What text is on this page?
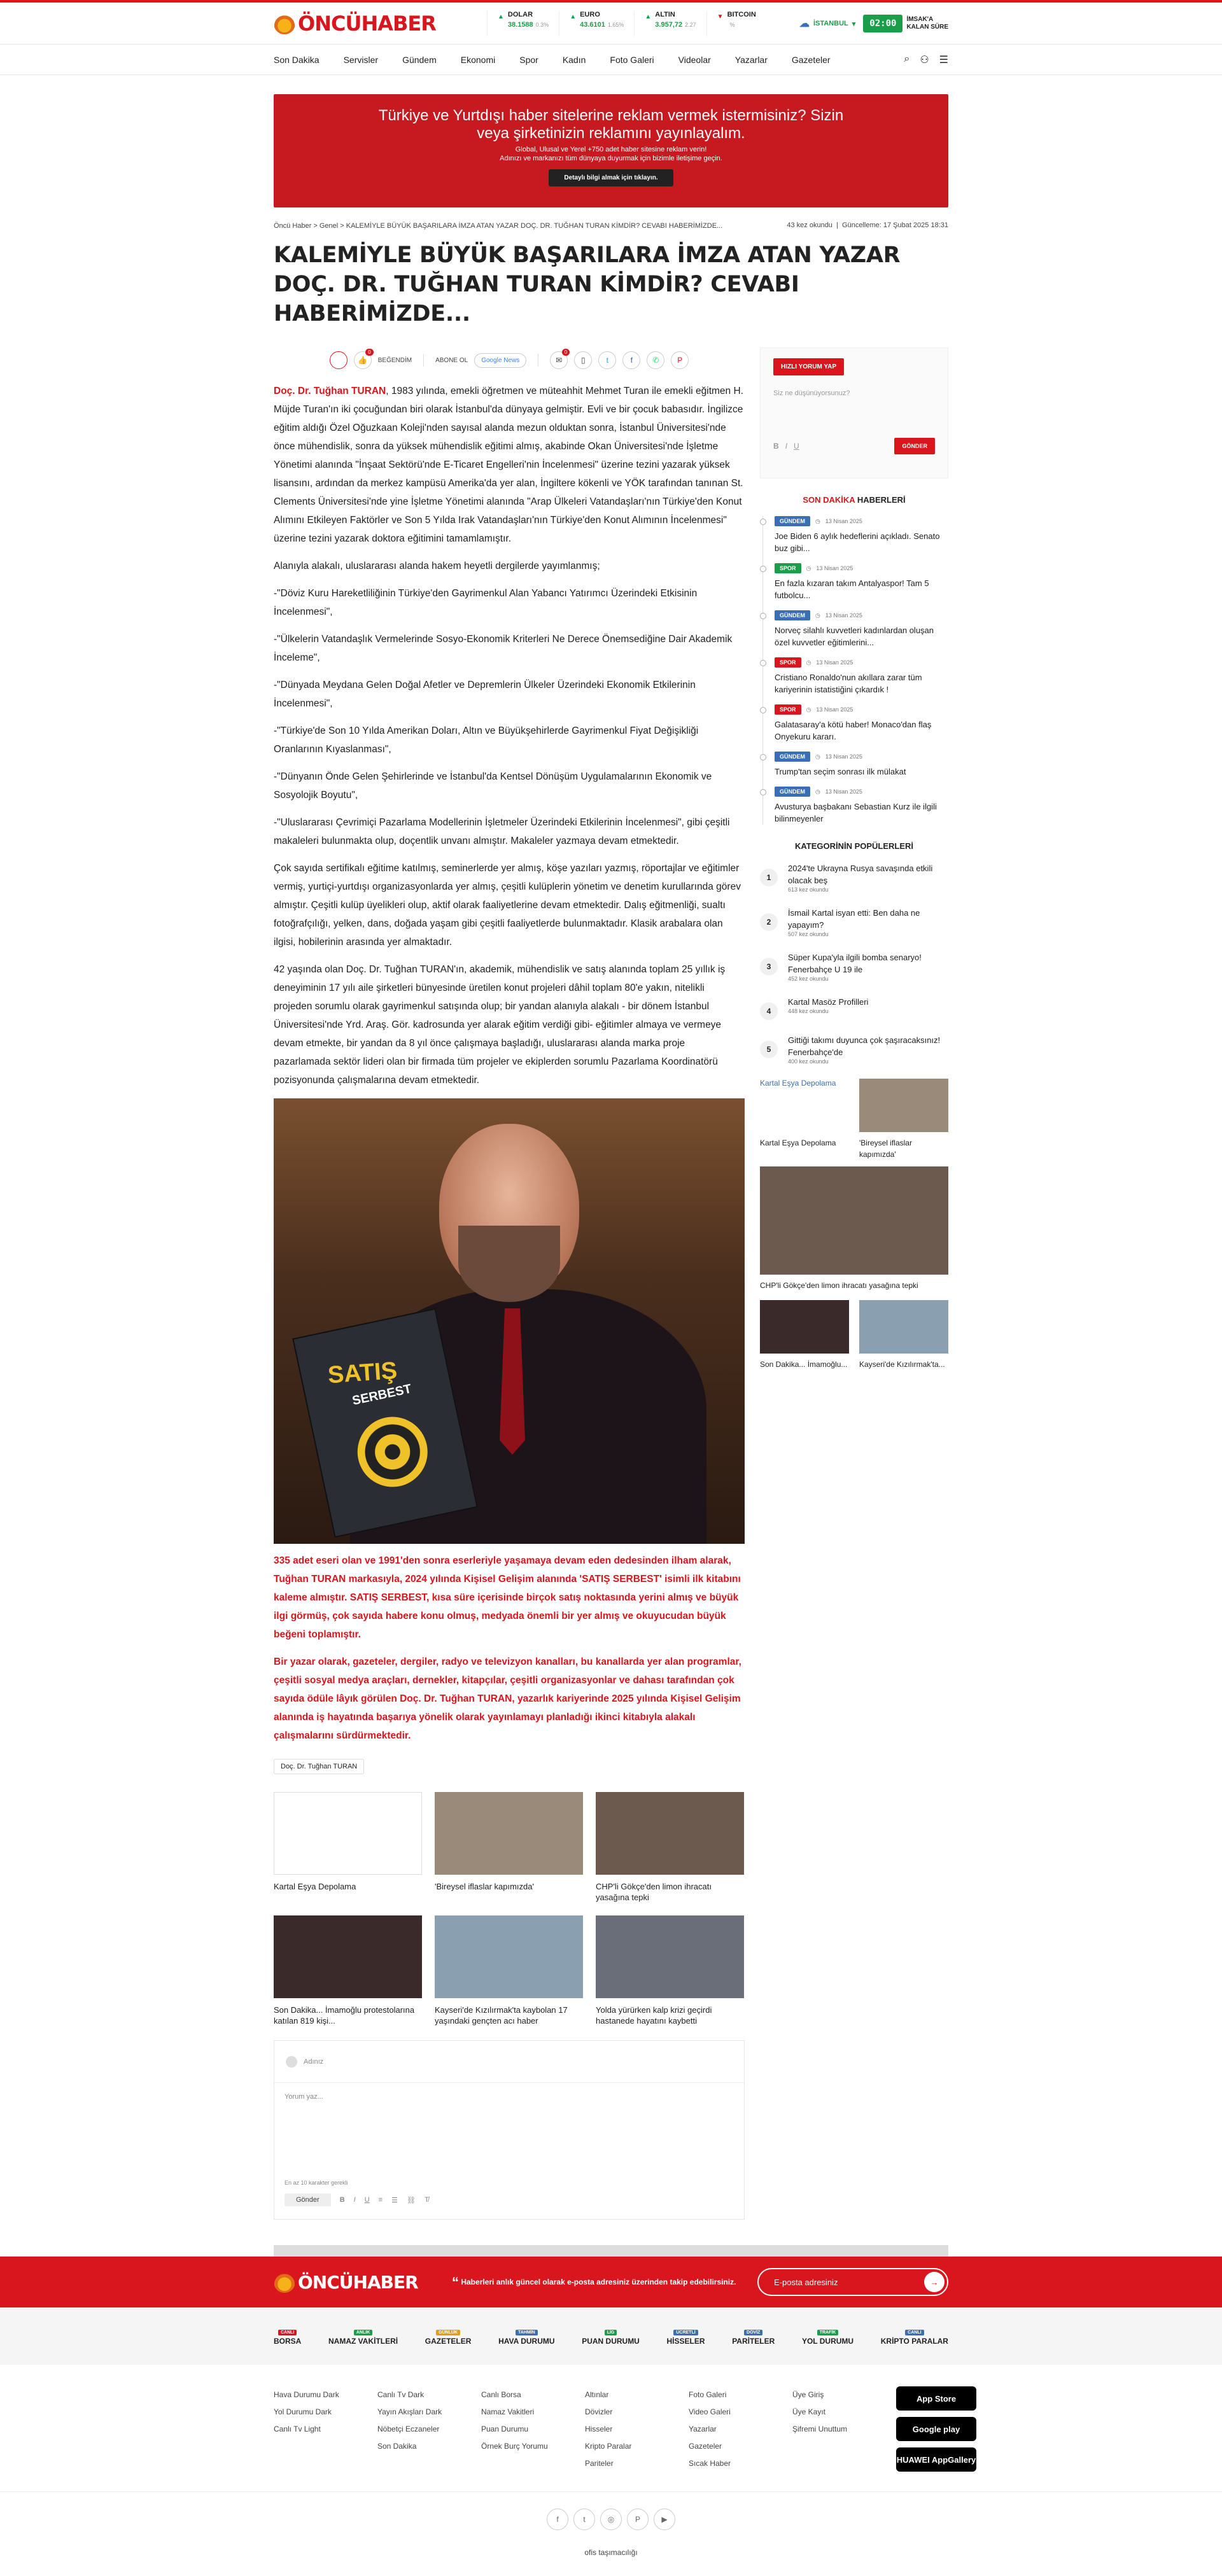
ÖNCÜHABER	▲ DOLAR
38.1588 0.3%
▲ EURO
43.6101 1.65%
▲ ALTIN
3.957,72 2.27
▼ BITCOIN
%	☁ İSTANBUL ▾	02:00	İMSAK'A
KALAN SÜRE
Son Dakika	Servisler	Gündem	Ekonomi	Spor	Kadın	Foto Galeri	Videolar	Yazarlar	Gazeteler	⌕ ⚇ ☰
Türkiye ve Yurtdışı haber sitelerine reklam vermek istermisiniz? Sizin veya şirketinizin reklamını yayınlayalım.
Global, Ulusal ve Yerel +750 adet haber sitesine reklam verin!
Adınızı ve markanızı tüm dünyaya duyurmak için bizimle iletişime geçin.
Detaylı bilgi almak için tıklayın.
Öncü Haber > Genel > KALEMİYLE BÜYÜK BAŞARILARA İMZA ATAN YAZAR DOÇ. DR. TUĞHAN TURAN KİMDİR? CEVABI HABERİMİZDE...	43 kez okundu  |  Güncelleme: 17 Şubat 2025 18:31
KALEMİYLE BÜYÜK BAŞARILARA İMZA ATAN YAZAR DOÇ. DR. TUĞHAN TURAN KİMDİR? CEVABI HABERİMİZDE...
👍
0
BEĞENDİM	ABONE OL	Google News	✉
0
▯	t	f	✆	P

Doç. Dr. Tuğhan TURAN, 1983 yılında, emekli öğretmen ve müteahhit Mehmet Turan ile emekli eğitmen H. Müjde Turan'ın iki çocuğundan biri olarak İstanbul'da dünyaya gelmiştir. Evli ve bir çocuk babasıdır. İngilizce eğitim aldığı Özel Oğuzkaan Koleji'nden sayısal alanda mezun olduktan sonra, İstanbul Üniversitesi'nde önce mühendislik, sonra da yüksek mühendislik eğitimi almış, akabinde Okan Üniversitesi'nde İşletme Yönetimi alanında "İnşaat Sektörü'nde E-Ticaret Engelleri'nin İncelenmesi" üzerine tezini yazarak yüksek lisansını, ardından da merkez kampüsü Amerika'da yer alan, İngiltere kökenli ve YÖK tarafından tanınan St. Clements Üniversitesi'nde yine İşletme Yönetimi alanında "Arap Ülkeleri Vatandaşları'nın Türkiye'den Konut Alımını Etkileyen Faktörler ve Son 5 Yılda Irak Vatandaşları'nın Türkiye'den Konut Alımının İncelenmesi" üzerine tezini yazarak doktora eğitimini tamamlamıştır.

Alanıyla alakalı, uluslararası alanda hakem heyetli dergilerde yayımlanmış;

-"Döviz Kuru Hareketliliğinin Türkiye'den Gayrimenkul Alan Yabancı Yatırımcı Üzerindeki Etkisinin İncelenmesi",

-"Ülkelerin Vatandaşlık Vermelerinde Sosyo-Ekonomik Kriterleri Ne Derece Önemsediğine Dair Akademik İnceleme",

-"Dünyada Meydana Gelen Doğal Afetler ve Depremlerin Ülkeler Üzerindeki Ekonomik Etkilerinin İncelenmesi",

-"Türkiye'de Son 10 Yılda Amerikan Doları, Altın ve Büyükşehirlerde Gayrimenkul Fiyat Değişikliği Oranlarının Kıyaslanması",

-"Dünyanın Önde Gelen Şehirlerinde ve İstanbul'da Kentsel Dönüşüm Uygulamalarının Ekonomik ve Sosyolojik Boyutu",

-"Uluslararası Çevrimiçi Pazarlama Modellerinin İşletmeler Üzerindeki Etkilerinin İncelenmesi", gibi çeşitli makaleleri bulunmakta olup, doçentlik unvanı almıştır. Makaleler yazmaya devam etmektedir.

Çok sayıda sertifikalı eğitime katılmış, seminerlerde yer almış, köşe yazıları yazmış, röportajlar ve eğitimler vermiş, yurtiçi-yurtdışı organizasyonlarda yer almış, çeşitli kulüplerin yönetim ve denetim kurullarında görev almıştır. Çeşitli kulüp üyelikleri olup, aktif olarak faaliyetlerine devam etmektedir. Dalış eğitmenliği, sualtı fotoğrafçılığı, yelken, dans, doğada yaşam gibi çeşitli faaliyetlerde bulunmaktadır. Klasik arabalara olan ilgisi, hobilerinin arasında yer almaktadır.

42 yaşında olan Doç. Dr. Tuğhan TURAN'ın, akademik, mühendislik ve satış alanında toplam 25 yıllık iş deneyiminin 17 yılı aile şirketleri bünyesinde üretilen konut projeleri dâhil toplam 80'e yakın, nitelikli projeden sorumlu olarak gayrimenkul satışında olup; bir yandan alanıyla alakalı - bir dönem İstanbul Üniversitesi'nde Yrd. Araş. Gör. kadrosunda yer alarak eğitim verdiği gibi- eğitimler almaya ve vermeye devam etmekte, bir yandan da 8 yıl önce çalışmaya başladığı, uluslararası alanda marka proje pazarlamada sektör lideri olan bir firmada tüm projeler ve ekiplerden sorumlu Pazarlama Koordinatörü pozisyonunda çalışmalarına devam etmektedir.

SATIŞ
SERBEST

335 adet eseri olan ve 1991'den sonra eserleriyle yaşamaya devam eden dedesinden ilham alarak, Tuğhan TURAN markasıyla, 2024 yılında Kişisel Gelişim alanında 'SATIŞ SERBEST' isimli ilk kitabını kaleme almıştır. SATIŞ SERBEST, kısa süre içerisinde birçok satış noktasında yerini almış ve büyük ilgi görmüş, çok sayıda habere konu olmuş, medyada önemli bir yer almış ve okuyucudan büyük beğeni toplamıştır.

Bir yazar olarak, gazeteler, dergiler, radyo ve televizyon kanalları, bu kanallarda yer alan programlar, çeşitli sosyal medya araçları, dernekler, kitapçılar, çeşitli organizasyonlar ve dahası tarafından çok sayıda ödüle lâyık görülen Doç. Dr. Tuğhan TURAN, yazarlık kariyerinde 2025 yılında Kişisel Gelişim alanında iş hayatında başarıya yönelik olarak yayınlamayı planladığı ikinci kitabıyla alakalı çalışmalarını sürdürmektedir.

Doç. Dr. Tuğhan TURAN
Kartal Eşya Depolama	'Bireysel iflaslar kapımızda'	CHP'li Gökçe'den limon ihracatı yasağına tepki
Son Dakika... İmamoğlu protestolarına katılan 819 kişi...
Kayseri'de Kızılırmak'ta kaybolan 17 yaşındaki gençten acı haber
Yolda yürürken kalp krizi geçirdi hastanede hayatını kaybetti
Adınız
Yorum yaz...
En az 10 karakter gerekli
Gönder	B I U ≡ ☰ ⛓ T̸
HIZLI YORUM YAP
Siz ne düşünüyorsunuz?
B I U	GÖNDER
SON DAKİKA HABERLERİ
GÜNDEM	◷ 13 Nisan 2025
Joe Biden 6 aylık hedeflerini açıkladı. Senato buz gibi...
SPOR	◷ 13 Nisan 2025
En fazla kızaran takım Antalyaspor! Tam 5 futbolcu...
GÜNDEM	◷ 13 Nisan 2025
Norveç silahlı kuvvetleri kadınlardan oluşan özel kuvvetler eğitimlerini...
SPOR	◷ 13 Nisan 2025
Cristiano Ronaldo'nun akıllara zarar tüm kariyerinin istatistiğini çıkardık !
SPOR	◷ 13 Nisan 2025
Galatasaray'a kötü haber! Monaco'dan flaş Onyekuru kararı.
GÜNDEM	◷ 13 Nisan 2025
Trump'tan seçim sonrası ilk mülakat
GÜNDEM	◷ 13 Nisan 2025
Avusturya başbakanı Sebastian Kurz ile ilgili bilinmeyenler
KATEGORİNİN POPÜLERLERİ
1
2024'te Ukrayna Rusya savaşında etkili olacak beş
613 kez okundu
2
İsmail Kartal isyan etti: Ben daha ne yapayım?
507 kez okundu
3
Süper Kupa'yla ilgili bomba senaryo! Fenerbahçe U 19 ile
452 kez okundu
4
Kartal Masöz Profilleri
448 kez okundu
5
Gittiği takımı duyunca çok şaşıracaksınız! Fenerbahçe'de
400 kez okundu
Kartal Eşya Depolama
Kartal Eşya Depolama	'Bireysel iflaslar kapımızda'
CHP'li Gökçe'den limon ihracatı yasağına tepki
Son Dakika... İmamoğlu... Kayseri'de Kızılırmak'ta...
ÖNCÜHABER “ Haberleri anlık güncel olarak e-posta adresiniz üzerinden takip edebilirsiniz.	E-posta adresiniz	→
CANLI
BORSA
ANLIK
NAMAZ VAKİTLERİ
GÜNLÜK
GAZETELER
TAHMİN
HAVA DURUMU
LİG
PUAN DURUMU
ÜCRETLİ
HİSSELER
DÖVİZ
PARİTELER
TRAFİK
YOL DURUMU
CANLI
KRİPTO PARALAR
Hava Durumu Dark
Yol Durumu Dark
Canlı Tv Light
Canlı Tv Dark
Yayın Akışları Dark
Nöbetçi Eczaneler
Son Dakika
Canlı Borsa
Namaz Vakitleri
Puan Durumu
Örnek Burç Yorumu
Altınlar
Dövizler
Hisseler
Kripto Paralar
Pariteler
Foto Galeri
Video Galeri
Yazarlar
Gazeteler
Sıcak Haber
Üye Giriş
Üye Kayıt
Şifremi Unuttum
App Store
Google play
HUAWEI AppGallery
f	t	◎	P	▶
ofis taşımacılığı
